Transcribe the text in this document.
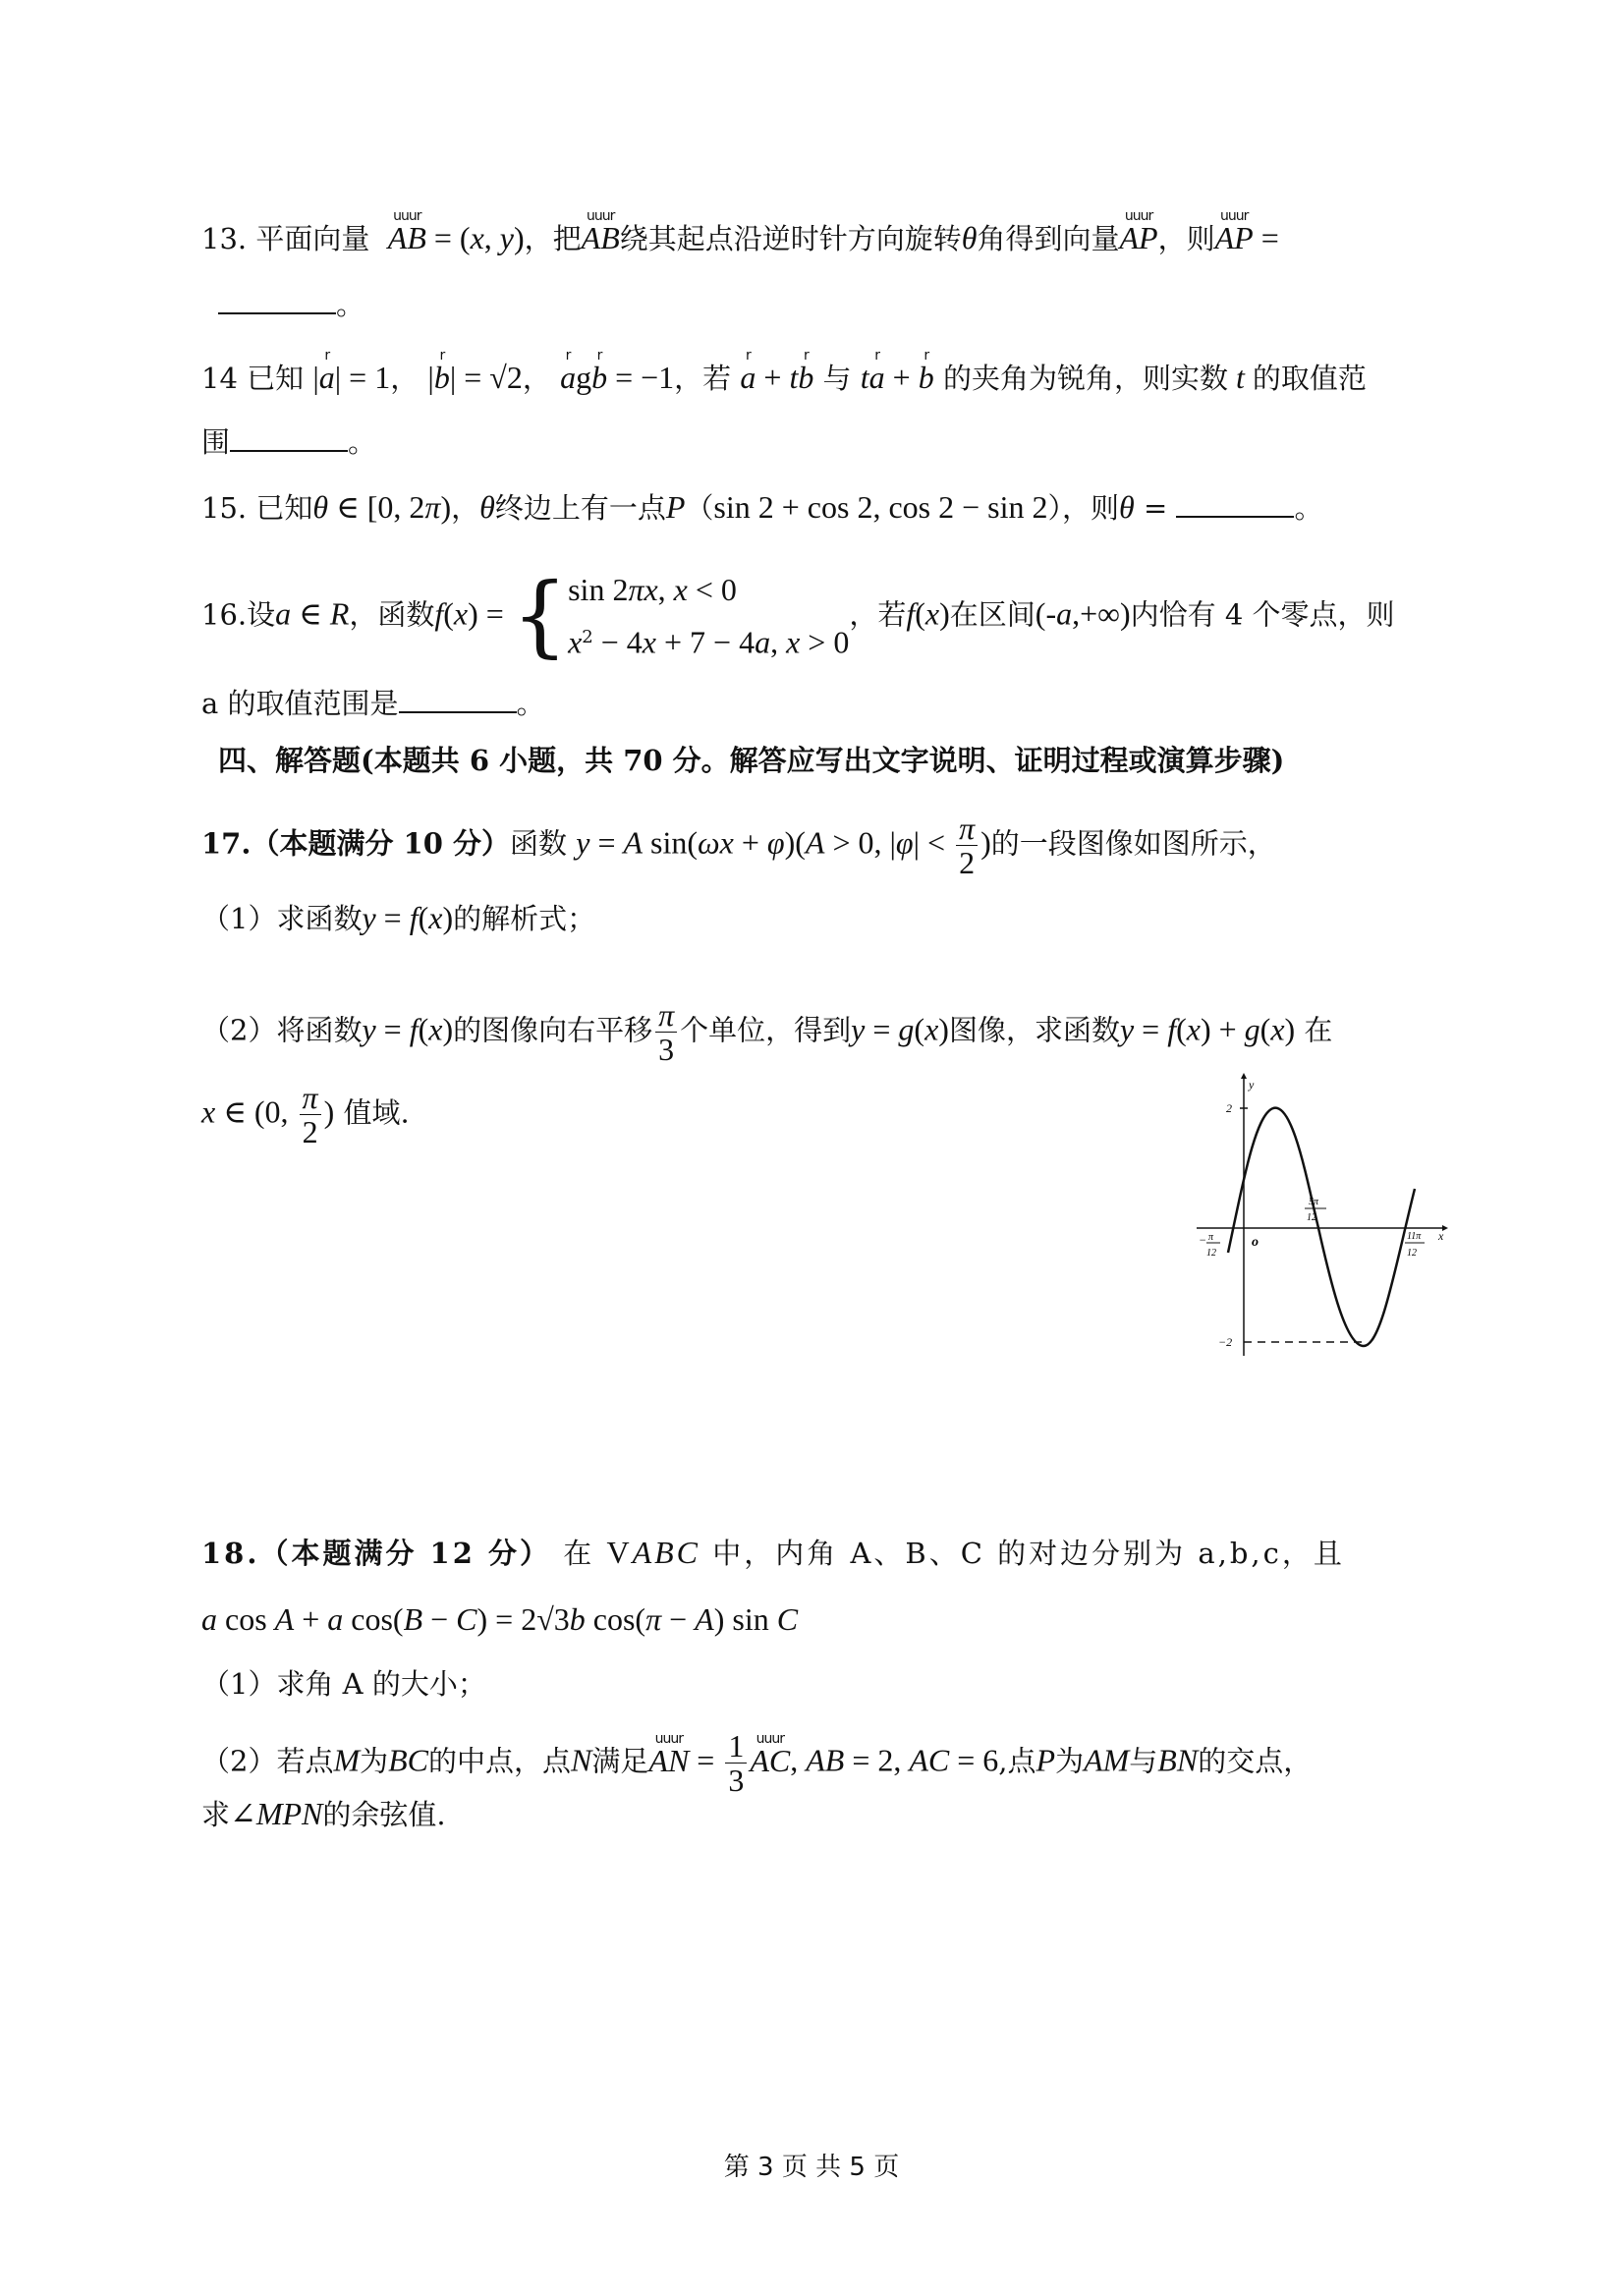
13. 平面向量
uuur
AB = (x, y)，把
uuur
AB绕其起点沿逆时针方向旋转θ角得到向量
uuur
AP，则
uuur
AP =
。
14 已知 |
r
a| = 1， |
r
b| = √2，
r
ag
r
b = −1，若
r
a + t
r
b 与 t
r
a +
r
b 的夹角为锐角，则实数 t 的取值范
围	。
15. 已知θ ∈ [0, 2π)，θ终边上有一点P（sin 2 + cos 2, cos 2 − sin 2），则θ =	。
16.设a ∈ R，函数f(x) = {sin 2πx, x < 0
$x^2 - 4x + 7 - 4a$, x > 0，若f(x)在区间(-a,+∞)内恰有 4 个零点，则
a 的取值范围是	。
四、解答题(本题共 6 小题，共 70 分。解答应写出文字说明、证明过程或演算步骤)
17.（本题满分 10 分）函数 y = A sin(ωx + φ)(A > 0, $|\varphi| < \frac{\pi}{2}$ )的一段图像如图所示，
（1）求函数y = f(x)的解析式；
（2）将函数y = f(x)的图像向右平移 $\frac{\pi}{3}$ 个单位，得到y = g(x)图像，求函数y = f(x) + g(x) 在
x ∈ (0, $\frac{\pi}{2}$ ) 值域.
y
x
o
2
−2
− π
12
5π
12
11π
12
18.（本题满分 12 分） 在 VABC 中，内角 A、B、C 的对边分别为 a,b,c，且
a cos A + a cos(B − C) = 2√3b cos(π − A) sin C
（1）求角 A 的大小；
（2）若点M为BC的中点，点N满足
uuur
AN = $\frac{1}{3}$ uuur
AC, AB = 2, AC = 6,点P为AM与BN的交点，
求∠MPN的余弦值.
第 3 页 共 5 页
